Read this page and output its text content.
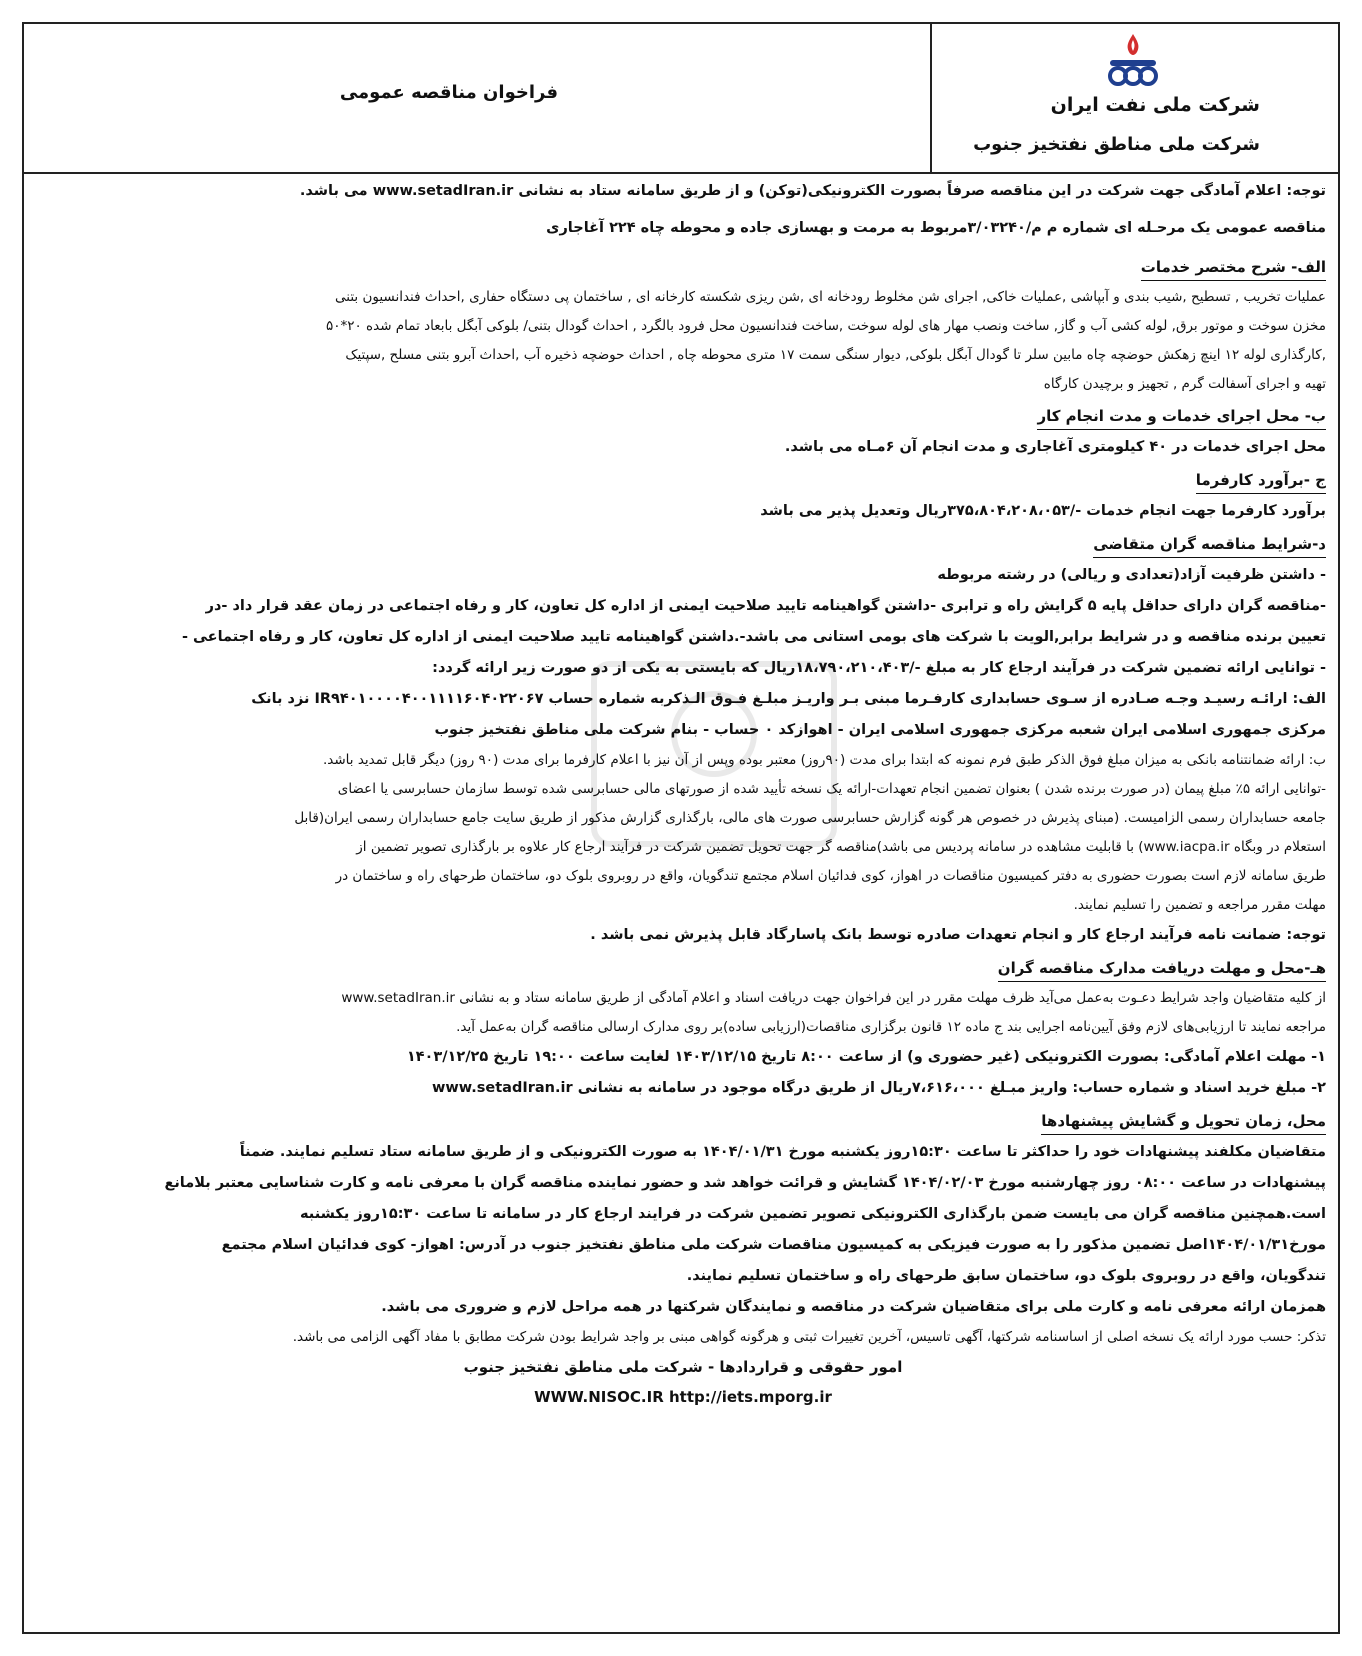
شرکت ملی نفت ایران
شرکت ملی مناطق نفتخیز جنوب
فراخوان مناقصه عمومی

توجه: اعلام آمادگی جهت شرکت در این مناقصه صرفاً بصورت الکترونیکی(توکن) و از طریق سامانه ستاد به نشانی www.setadIran.ir می باشد.

مناقصه عمومی یک مرحـله ای شماره م م/۳/۰۳۲۴۰مربوط به مرمت و بهسازی جاده و محوطه چاه ۲۲۴ آغاجاری

الف- شرح مختصر خدمات
عملیات تخریب , تسطیح ,شیب بندی و آبپاشی ,عملیات خاکی, اجرای شن مخلوط رودخانه ای ,شن ریزی شکسته کارخانه ای , ساختمان پی دستگاه حفاری ,احداث فندانسیون بتنی
مخزن سوخت و موتور برق, لوله کشی آب و گاز, ساخت ونصب مهار های لوله سوخت ,ساخت فندانسیون محل فرود بالگرد , احداث گودال بتنی/ بلوکی آبگل بابعاد تمام شده ۲۰*۵۰
,کارگذاری لوله ۱۲ اینچ زهکش حوضچه چاه مابین سلر تا گودال آبگل بلوکی, دیوار سنگی سمت ۱۷ متری محوطه چاه , احداث حوضچه ذخیره آب ,احداث آبرو بتنی مسلح ,سپتیک
تهیه و اجرای آسفالت گرم , تجهیز و برچیدن کارگاه
ب- محل اجرای خدمات و مدت انجام کار

محل اجرای خدمات در ۴۰ کیلومتری آغاجاری و مدت انجام آن ۶مـاه می باشد.

ج -برآورد کارفرما

برآورد کارفرما جهت انجام خدمات -/۳۷۵،۸۰۴،۲۰۸،۰۵۳ریال وتعدیل پذیر می باشد

د-شرایط مناقصه گران متقاضی
- داشتن ظرفیت آزاد(تعدادی و ریالی) در رشته مربوطه
-مناقصه گران دارای حداقل پایه ۵ گرایش راه و ترابری -داشتن گواهینامه تایید صلاحیت ایمنی از اداره کل تعاون، کار و رفاه اجتماعی در زمان عقد قرار داد -در
تعیین برنده مناقصه و در شرایط برابر,الویت با شرکت های بومی استانی می باشد-.داشتن گواهینامه تایید صلاحیت ایمنی از اداره کل تعاون، کار و رفاه اجتماعی -
- توانایی ارائه تضمین شرکت در فرآیند ارجاع کار به مبلغ -/۱۸،۷۹۰،۲۱۰،۴۰۳ریال که بایستی به یکی از دو صورت زیر ارائه گردد:
الف: ارائـه رسیـد وجـه صـادره از سـوی حسابداری کارفـرما مبنی بـر واریـز مبلـغ فـوق الـذکربه شماره حساب IR۹۴۰۱۰۰۰۰۴۰۰۱۱۱۱۶۰۴۰۲۲۰۶۷ نزد بانک
مرکزی جمهوری اسلامی ایران شعبه مرکزی جمهوری اسلامی ایران - اهوازکد ۰ حساب - بنام شرکت ملی مناطق نفتخیز جنوب
ب: ارائه ضمانتنامه بانکی به میزان مبلغ فوق الذکر طبق فرم نمونه که ابتدا برای مدت (۹۰روز) معتبر بوده وپس از آن نیز با اعلام کارفرما برای مدت (۹۰ روز) دیگر قابل تمدید باشد.
-توانایی ارائه ۵٪ مبلغ پیمان (در صورت برنده شدن ) بعنوان تضمین انجام تعهدات-ارائه یک نسخه تأیید شده از صورتهای مالی حسابرسی شده توسط سازمان حسابرسی یا اعضای
جامعه حسابداران رسمی الزامیست. (مبنای پذیرش در خصوص هر گونه گزارش حسابرسی صورت های مالی، بارگذاری گزارش مذکور از طریق سایت جامع حسابداران رسمی ایران(قابل
استعلام در وبگاه www.iacpa.ir) با قابلیت مشاهده در سامانه پردیس می باشد)مناقصه گر جهت تحویل تضمین شرکت در فرآیند ارجاع کار علاوه بر بارگذاری تصویر تضمین از
طریق سامانه لازم است بصورت حضوری به دفتر کمیسیون مناقصات در اهواز، کوی فدائیان اسلام مجتمع تندگویان، واقع در روبروی بلوک دو، ساختمان طرحهای راه و ساختمان در
مهلت مقرر مراجعه و تضمین را تسلیم نمایند.

توجه: ضمانت نامه فرآیند ارجاع کار و انجام تعهدات صادره توسط بانک پاسارگاد قابل پذیرش نمی باشد .

هـ-محل و مهلت دریافت مدارک مناقصه گران
از کلیه متقاضیان واجد شرایط دعـوت به‌عمل می‌آید ظرف مهلت مقرر در این فراخوان جهت دریافت اسناد و اعلام آمادگی از طریق سامانه ستاد و به نشانی www.setadIran.ir
مراجعه نمایند تا ارزیابی‌های لازم وفق آیین‌نامه اجرایی بند ج ماده ۱۲ قانون برگزاری مناقصات(ارزیابی ساده)بر روی مدارک ارسالی مناقصه گران به‌عمل آید.
۱- مهلت اعلام آمادگی: بصورت الکترونیکی (غیر حضوری و) از ساعت ۸:۰۰ تاریخ ۱۴۰۳/۱۲/۱۵ لغایت ساعت ۱۹:۰۰ تاریخ ۱۴۰۳/۱۲/۲۵
۲- مبلغ خرید اسناد و شماره حساب: واریز مبـلغ ۷،۶۱۶،۰۰۰ریال از طریق درگاه موجود در سامانه به نشانی www.setadIran.ir
محل، زمان تحویل و گشایش پیشنهادها
متقاضیان مکلفند پیشنهادات خود را حداکثر تا ساعت ۱۵:۳۰روز یکشنبه مورخ ۱۴۰۴/۰۱/۳۱ به صورت الکترونیکی و از طریق سامانه ستاد تسلیم نمایند. ضمناً
پیشنهادات در ساعت ۰۸:۰۰ روز چهارشنبه مورخ ۱۴۰۴/۰۲/۰۳ گشایش و قرائت خواهد شد و حضور نماینده مناقصه گران با معرفی نامه و کارت شناسایی معتبر بلامانع
است.همچنین مناقصه گران می بایست ضمن بارگذاری الکترونیکی تصویر تضمین شرکت در فرایند ارجاع کار در سامانه تا ساعت ۱۵:۳۰روز یکشنبه
مورخ۱۴۰۴/۰۱/۳۱اصل تضمین مذکور را به صورت فیزیکی به کمیسیون مناقصات شرکت ملی مناطق نفتخیز جنوب در آدرس: اهواز- کوی فدائیان اسلام مجتمع
تندگویان، واقع در روبروی بلوک دو، ساختمان سابق طرحهای راه و ساختمان تسلیم نمایند.

همزمان ارائه معرفی نامه و کارت ملی برای متقاضیان شرکت در مناقصه و نمایندگان شرکتها در همه مراحل لازم و ضروری می باشد.

تذکر: حسب مورد ارائه یک نسخه اصلی از اساسنامه شرکتها، آگهی تاسیس، آخرین تغییرات ثبتی و هرگونه گواهی مبنی بر واجد شرایط بودن شرکت مطابق با مفاد آگهی الزامی می باشد.

امور حقوقی و قراردادها - شرکت ملی مناطق نفتخیز جنوب
WWW.NISOC.IR http://iets.mporg.ir
